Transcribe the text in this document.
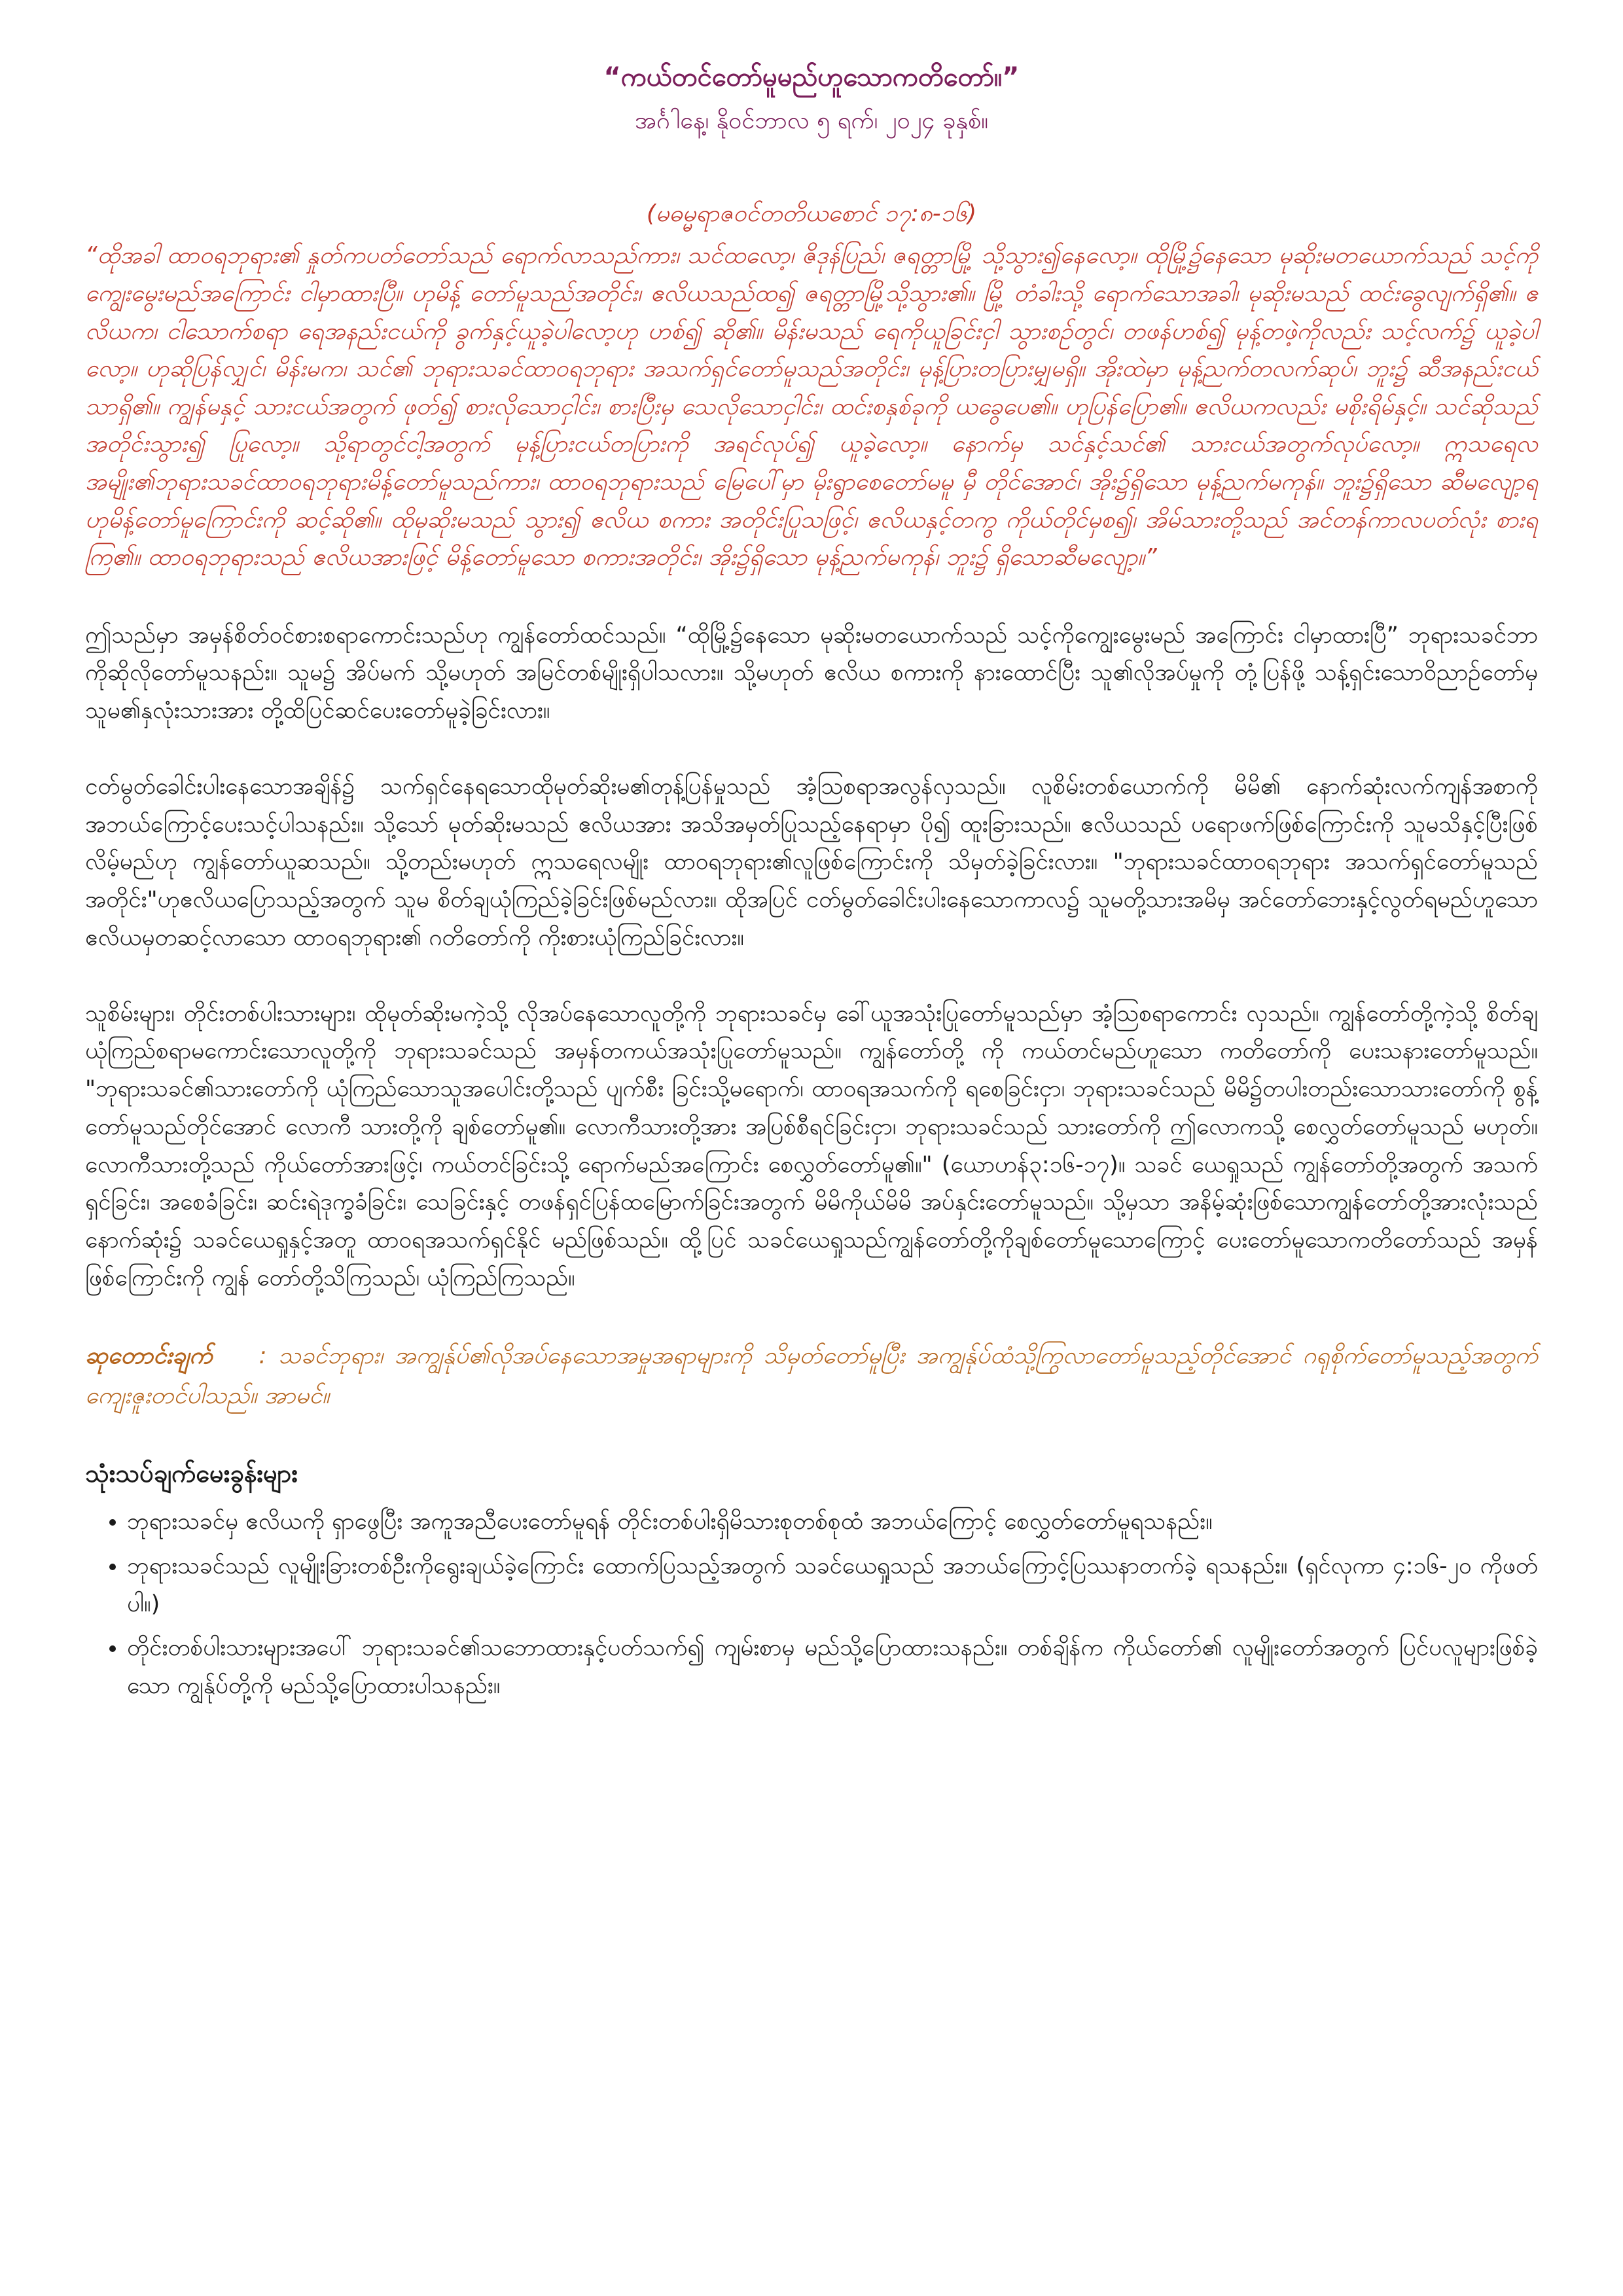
“ကယ်တင်တော်မူမည်ဟူသောကတိတော်။”
အင်္ဂါနေ့၊ နိုဝင်ဘာလ ၅ ရက်၊ ၂၀၂၄ ခုနှစ်။
(မဓမ္မရာဇဝင်တတိယစောင် ၁၇:၈-၁၆)
“ထိုအခါ ထာဝရဘုရား၏ နှုတ်ကပတ်တော်သည် ရောက်လာသည်ကား၊ သင်ထလော့၊ ဇိဒုန်ပြည်၊ ဇရတ္တာမြို့ သို့သွား၍နေလော့။ ထိုမြို့၌နေသော မုဆိုးမတယောက်သည် သင့်ကိုကျွေးမွေးမည်အကြောင်း ငါမှာထားပြီ။ ဟုမိန့် တော်မူသည်အတိုင်း၊ ဧလိယသည်ထ၍ ဇရတ္တာမြို့သို့သွား၏။ မြို့ တံခါးသို့ ရောက်သောအခါ၊ မုဆိုးမသည် ထင်းခွေလျက်ရှိ၏။ ဧလိယက၊ ငါသောက်စရာ ရေအနည်းငယ်ကို ခွက်နှင့်ယူခဲ့ပါလော့ဟု ဟစ်၍ ဆို၏။ မိန်းမသည် ရေကိုယူခြင်းငှါ သွားစဉ်တွင်၊ တဖန်ဟစ်၍ မုန့်တဖဲ့ကိုလည်း သင့်လက်၌ ယူခဲ့ပါလော့။ ဟုဆိုပြန်လျှင်၊ မိန်းမက၊ သင်၏ ဘုရားသခင်ထာဝရဘုရား အသက်ရှင်တော်မူသည်အတိုင်း၊ မုန့်ပြားတပြားမျှမရှိ။ အိုးထဲမှာ မုန့်ညက်တလက်ဆုပ်၊ ဘူး၌ ဆီအနည်းငယ်သာရှိ၏။ ကျွန်မနှင့် သားငယ်အတွက် ဖုတ်၍ စားလိုသောငှါင်း၊ စားပြီးမှ သေလိုသောငှါင်း၊ ထင်းစနှစ်ခုကို ယခွေပေ၏။ ဟုပြန်ပြော၏။ ဧလိယကလည်း မစိုးရိမ်နှင့်။ သင်ဆိုသည် အတိုင်းသွား၍ ပြုလော့။ သို့ရာတွင်ငါ့အတွက် မုန့်ပြားငယ်တပြားကို အရင်လုပ်၍ ယူခဲ့လော့။ နောက်မှ သင်နှင့်သင်၏ သားငယ်အတွက်လုပ်လော့။ ဣသရေလအမျိုး၏ဘုရားသခင်ထာဝရဘုရားမိန့်တော်မူသည်ကား၊ ထာဝရဘုရားသည် မြေပေါ်မှာ မိုးရွာစေတော်မမူ မှီ တိုင်အောင်၊ အိုး၌ရှိသော မုန့်ညက်မကုန်။ ဘူး၌ရှိသော ဆီမလျော့ရ ဟုမိန့်တော်မူကြောင်းကို ဆင့်ဆို၏။ ထိုမုဆိုးမသည် သွား၍ ဧလိယ စကား အတိုင်းပြုသဖြင့်၊ ဧလိယနှင့်တကွ ကိုယ်တိုင်မှစ၍၊ အိမ်သားတို့သည် အင်တန်ကာလပတ်လုံး စားရကြ၏။ ထာဝရဘုရားသည် ဧလိယအားဖြင့် မိန့်တော်မူသော စကားအတိုင်း၊ အိုး၌ရှိသော မုန့်ညက်မကုန်၊ ဘူး၌ ရှိသောဆီမလျော့။”
ဤသည်မှာ အမှန်စိတ်ဝင်စားစရာကောင်းသည်ဟု ကျွန်တော်ထင်သည်။ “ထိုမြို့၌နေသော မုဆိုးမတယောက်သည် သင့်ကိုကျွေးမွေးမည် အကြောင်း ငါမှာထားပြီ” ဘုရားသခင်ဘာကိုဆိုလိုတော်မူသနည်း။ သူမ၌ အိပ်မက် သို့မဟုတ် အမြင်တစ်မျိုးရှိပါသလား။ သို့မဟုတ် ဧလိယ စကားကို နားထောင်ပြီး သူ၏လိုအပ်မှုကို တုံ့ပြန်ဖို့ သန့်ရှင်းသောဝိညာဉ်တော်မှ သူမ၏နှလုံးသားအား တို့ထိပြင်ဆင်ပေးတော်မူခဲ့ခြင်းလား။
ငတ်မွတ်ခေါင်းပါးနေသောအချိန်၌ သက်ရှင်နေရသောထိုမုတ်ဆိုးမ၏တုန့်ပြန်မှုသည် အံ့သြစရာအလွန်လှသည်။ လူစိမ်းတစ်ယောက်ကို မိမိ၏ နောက်ဆုံးလက်ကျန်အစာကို အဘယ်ကြောင့်ပေးသင့်ပါသနည်း။ သို့သော် မုတ်ဆိုးမသည် ဧလိယအား အသိအမှတ်ပြုသည့်နေရာမှာ ပို၍ ထူးခြားသည်။ ဧလိယသည် ပရောဖက်ဖြစ်ကြောင်းကို သူမသိနှင့်ပြီးဖြစ်လိမ့်မည်ဟု ကျွန်တော်ယူဆသည်။ သို့တည်းမဟုတ် ဣသရေလမျိုး ထာဝရဘုရား၏လူဖြစ်ကြောင်းကို သိမှတ်ခဲ့ခြင်းလား။ "ဘုရားသခင်ထာဝရဘုရား အသက်ရှင်တော်မူသည်အတိုင်း"ဟုဧလိယပြောသည့်အတွက် သူမ စိတ်ချယုံကြည်ခဲ့ခြင်းဖြစ်မည်လား။ ထိုအပြင် ငတ်မွတ်ခေါင်းပါးနေသောကာလ၌ သူမတို့သားအမိမှ အင်တော်ဘေးနှင့်လွတ်ရမည်ဟူသော ဧလိယမှတဆင့်လာသော ထာဝရဘုရား၏ ဂတိတော်ကို ကိုးစားယုံကြည်ခြင်းလား။
သူစိမ်းများ၊ တိုင်းတစ်ပါးသားများ၊ ထိုမုတ်ဆိုးမကဲ့သို့ လိုအပ်နေသောလူတို့ကို ဘုရားသခင်မှ ခေါ်ယူအသုံးပြုတော်မူသည်မှာ အံ့သြစရာကောင်း လှသည်။ ကျွန်တော်တို့ကဲ့သို့ စိတ်ချယုံကြည်စရာမကောင်းသောလူတို့ကို ဘုရားသခင်သည် အမှန်တကယ်အသုံးပြုတော်မူသည်။ ကျွန်တော်တို့ ကို ကယ်တင်မည်ဟူသော ကတိတော်ကို ပေးသနားတော်မူသည်။ "ဘုရားသခင်၏သားတော်ကို ယုံကြည်သောသူအပေါင်းတို့သည် ပျက်စီး ခြင်းသို့မရောက်၊ ထာဝရအသက်ကို ရစေခြင်းငှာ၊ ဘုရားသခင်သည် မိမိ၌တပါးတည်းသောသားတော်ကို စွန့်တော်မူသည်တိုင်အောင် လောကီ သားတို့ကို ချစ်တော်မူ၏။ လောကီသားတို့အား အပြစ်စီရင်ခြင်းငှာ၊ ဘုရားသခင်သည် သားတော်ကို ဤလောကသို့ စေလွှတ်တော်မူသည် မဟုတ်။ လောကီသားတို့သည် ကိုယ်တော်အားဖြင့်၊ ကယ်တင်ခြင်းသို့ ရောက်မည်အကြောင်း စေလွှတ်တော်မူ၏။" (ယောဟန်၃:၁၆-၁၇)။ သခင် ယေရှုသည် ကျွန်တော်တို့အတွက် အသက်ရှင်ခြင်း၊ အစေခံခြင်း၊ ဆင်းရဲဒုက္ခခံခြင်း၊ သေခြင်းနှင့် တဖန်ရှင်ပြန်ထမြောက်ခြင်းအတွက် မိမိကိုယ်မိမိ အပ်နှင်းတော်မူသည်။ သို့မှသာ အနိမ့်ဆုံးဖြစ်သောကျွန်တော်တို့အားလုံးသည် နောက်ဆုံး၌ သခင်ယေရှုနှင့်အတူ ထာဝရအသက်ရှင်နိုင် မည်ဖြစ်သည်။ ထို့ပြင် သခင်ယေရှုသည်ကျွန်တော်တို့ကိုချစ်တော်မူသောကြောင့် ပေးတော်မူသောကတိတော်သည် အမှန်ဖြစ်ကြောင်းကို ကျွန် တော်တို့သိကြသည်၊ ယုံကြည်ကြသည်။
ဆုတောင်းချက် : သခင်ဘုရား၊ အကျွန်ုပ်၏လိုအပ်နေသောအမှုအရာများကို သိမှတ်တော်မူပြီး အကျွန်ုပ်ထံသို့ကြွလာတော်မူသည့်တိုင်အောင် ဂရုစိုက်တော်မူသည့်အတွက် ကျေးဇူးတင်ပါသည်။ အာမင်။
သုံးသပ်ချက်မေးခွန်းများ
• ဘုရားသခင်မှ ဧလိယကို ရှာဖွေပြီး အကူအညီပေးတော်မူရန် တိုင်းတစ်ပါးရှိမိသားစုတစ်စုထံ အဘယ်ကြောင့် စေလွှတ်တော်မူရသနည်း။
• ဘုရားသခင်သည် လူမျိုးခြားတစ်ဦးကိုရွေးချယ်ခဲ့ကြောင်း ထောက်ပြသည့်အတွက် သခင်ယေရှုသည် အဘယ်ကြောင့်ပြဿနာတက်ခဲ့ ရသနည်း။ (ရှင်လုကာ ၄:၁၆-၂၀ ကိုဖတ်ပါ။)
• တိုင်းတစ်ပါးသားများအပေါ် ဘုရားသခင်၏သဘောထားနှင့်ပတ်သက်၍ ကျမ်းစာမှ မည်သို့ပြောထားသနည်း။ တစ်ချိန်က ကိုယ်တော်၏ လူမျိုးတော်အတွက် ပြင်ပလူများဖြစ်ခဲ့သော ကျွန်ုပ်တို့ကို မည်သို့ပြောထားပါသနည်း။
